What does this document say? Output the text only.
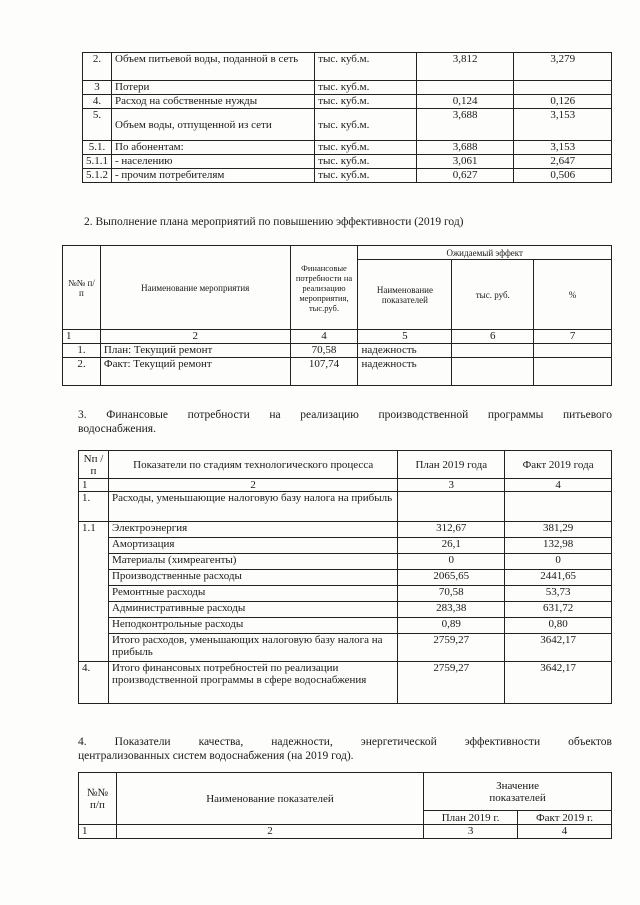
2.	Объем питьевой воды, поданной в сеть	тыс. куб.м.	3,812	3,279
3	Потери	тыс. куб.м.		
4.	Расход на собственные нужды	тыс. куб.м.	0,124	0,126
5.	Объем воды, отпущенной из сети	тыс. куб.м.	3,688	3,153
5.1.	По абонентам:	тыс. куб.м.	3,688	3,153
5.1.1	- населению	тыс. куб.м.	3,061	2,647
5.1.2	- прочим потребителям	тыс. куб.м.	0,627	0,506

2. Выполнение плана мероприятий по повышению эффективности (2019 год)

№№ п/п	Наименование мероприятия	Финансовые потребности на реализацию мероприятия, тыс.руб.	Ожидаемый эффект		
			Наименование показателей	тыс. руб.	%
1	2	4	5	6	7
1.	План: Текущий ремонт	70,58	надежность		
2.	Факт: Текущий ремонт	107,74	надежность		

3. Финансовые потребности на реализацию производственной программы питьевого

водоснабжения.

Nп /п	Показатели по стадиям технологического процесса	План 2019 года	Факт 2019 года
1	2	3	4
1.	Расходы, уменьшающие налоговую базу налога на прибыль		
1.1	Электроэнергия	312,67	381,29
	Амортизация	26,1	132,98
	Материалы (химреагенты)	0	0
	Производственные расходы	2065,65	2441,65
	Ремонтные расходы	70,58	53,73
	Административные расходы	283,38	631,72
	Неподконтрольные расходы	0,89	0,80
	Итого расходов, уменьшающих налоговую базу налога на прибыль	2759,27	3642,17
4.	Итого финансовых потребностей по реализации производственной программы в сфере водоснабжения	2759,27	3642,17

4. Показатели качества, надежности, энергетической эффективности объектов

централизованных систем водоснабжения (на 2019 год).

№№ п/п	Наименование показателей	Значение показателей	
		План 2019 г.	Факт 2019 г.
1	2	3	4
